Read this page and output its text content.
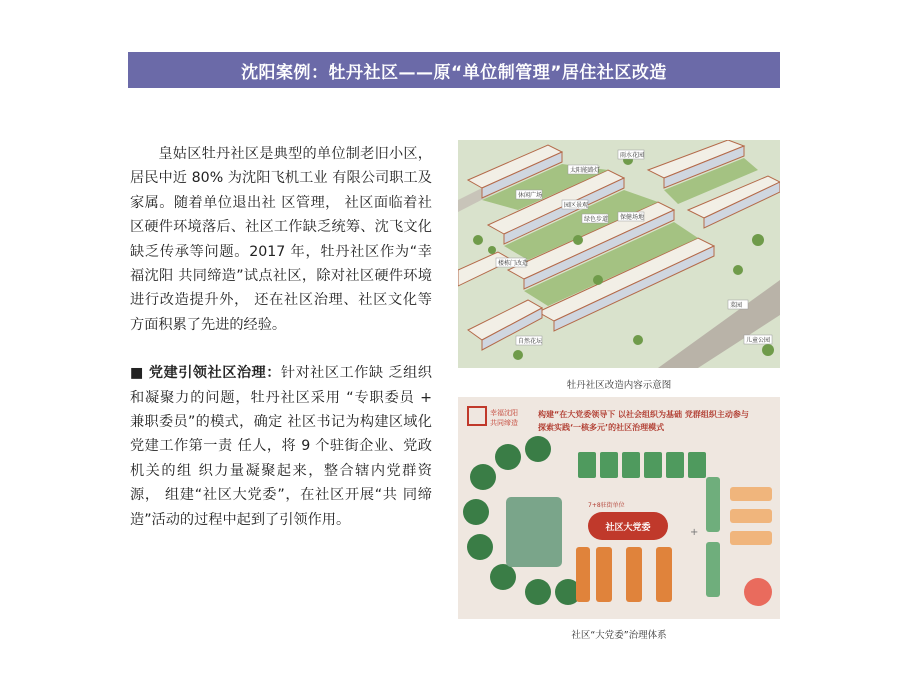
沈阳案例：牡丹社区——原“单位制管理”居住社区改造

皇姑区牡丹社区是典型的单位制老旧小区，居民中近 80% 为沈阳飞机工业 有限公司职工及家属。随着单位退出社 区管理， 社区面临着社区硬件环境落后、社区工作缺乏统筹、沈飞文化缺乏传承等问题。2017 年，牡丹社区作为“幸福沈阳 共同缔造”试点社区，除对社区硬件环境进行改造提升外， 还在社区治理、社区文化等方面积累了先进的经验。

■ 党建引领社区治理：针对社区工作缺 乏组织和凝聚力的问题，牡丹社区采用 “专职委员 + 兼职委员”的模式，确定 社区书记为构建区域化党建工作第一责 任人，将 9 个驻街企业、党政机关的组 织力量凝聚起来，整合辖内党群资源， 组建“社区大党委”，在社区开展“共 同缔造”活动的过程中起到了引领作用。

太阳能路灯
休闲广场
雨水花园
园区景观
绿色步道 保健场地
楼栋门改造
自然花坛
菜园
儿童公园
牡丹社区改造内容示意图
幸福沈阳
共同缔造
构建“在大党委领导下 以社会组织为基础 党群组织主动参与
探索实践‘一核多元’的社区治理模式
7+8驻街单位
社区大党委	+
社区“大党委”治理体系
